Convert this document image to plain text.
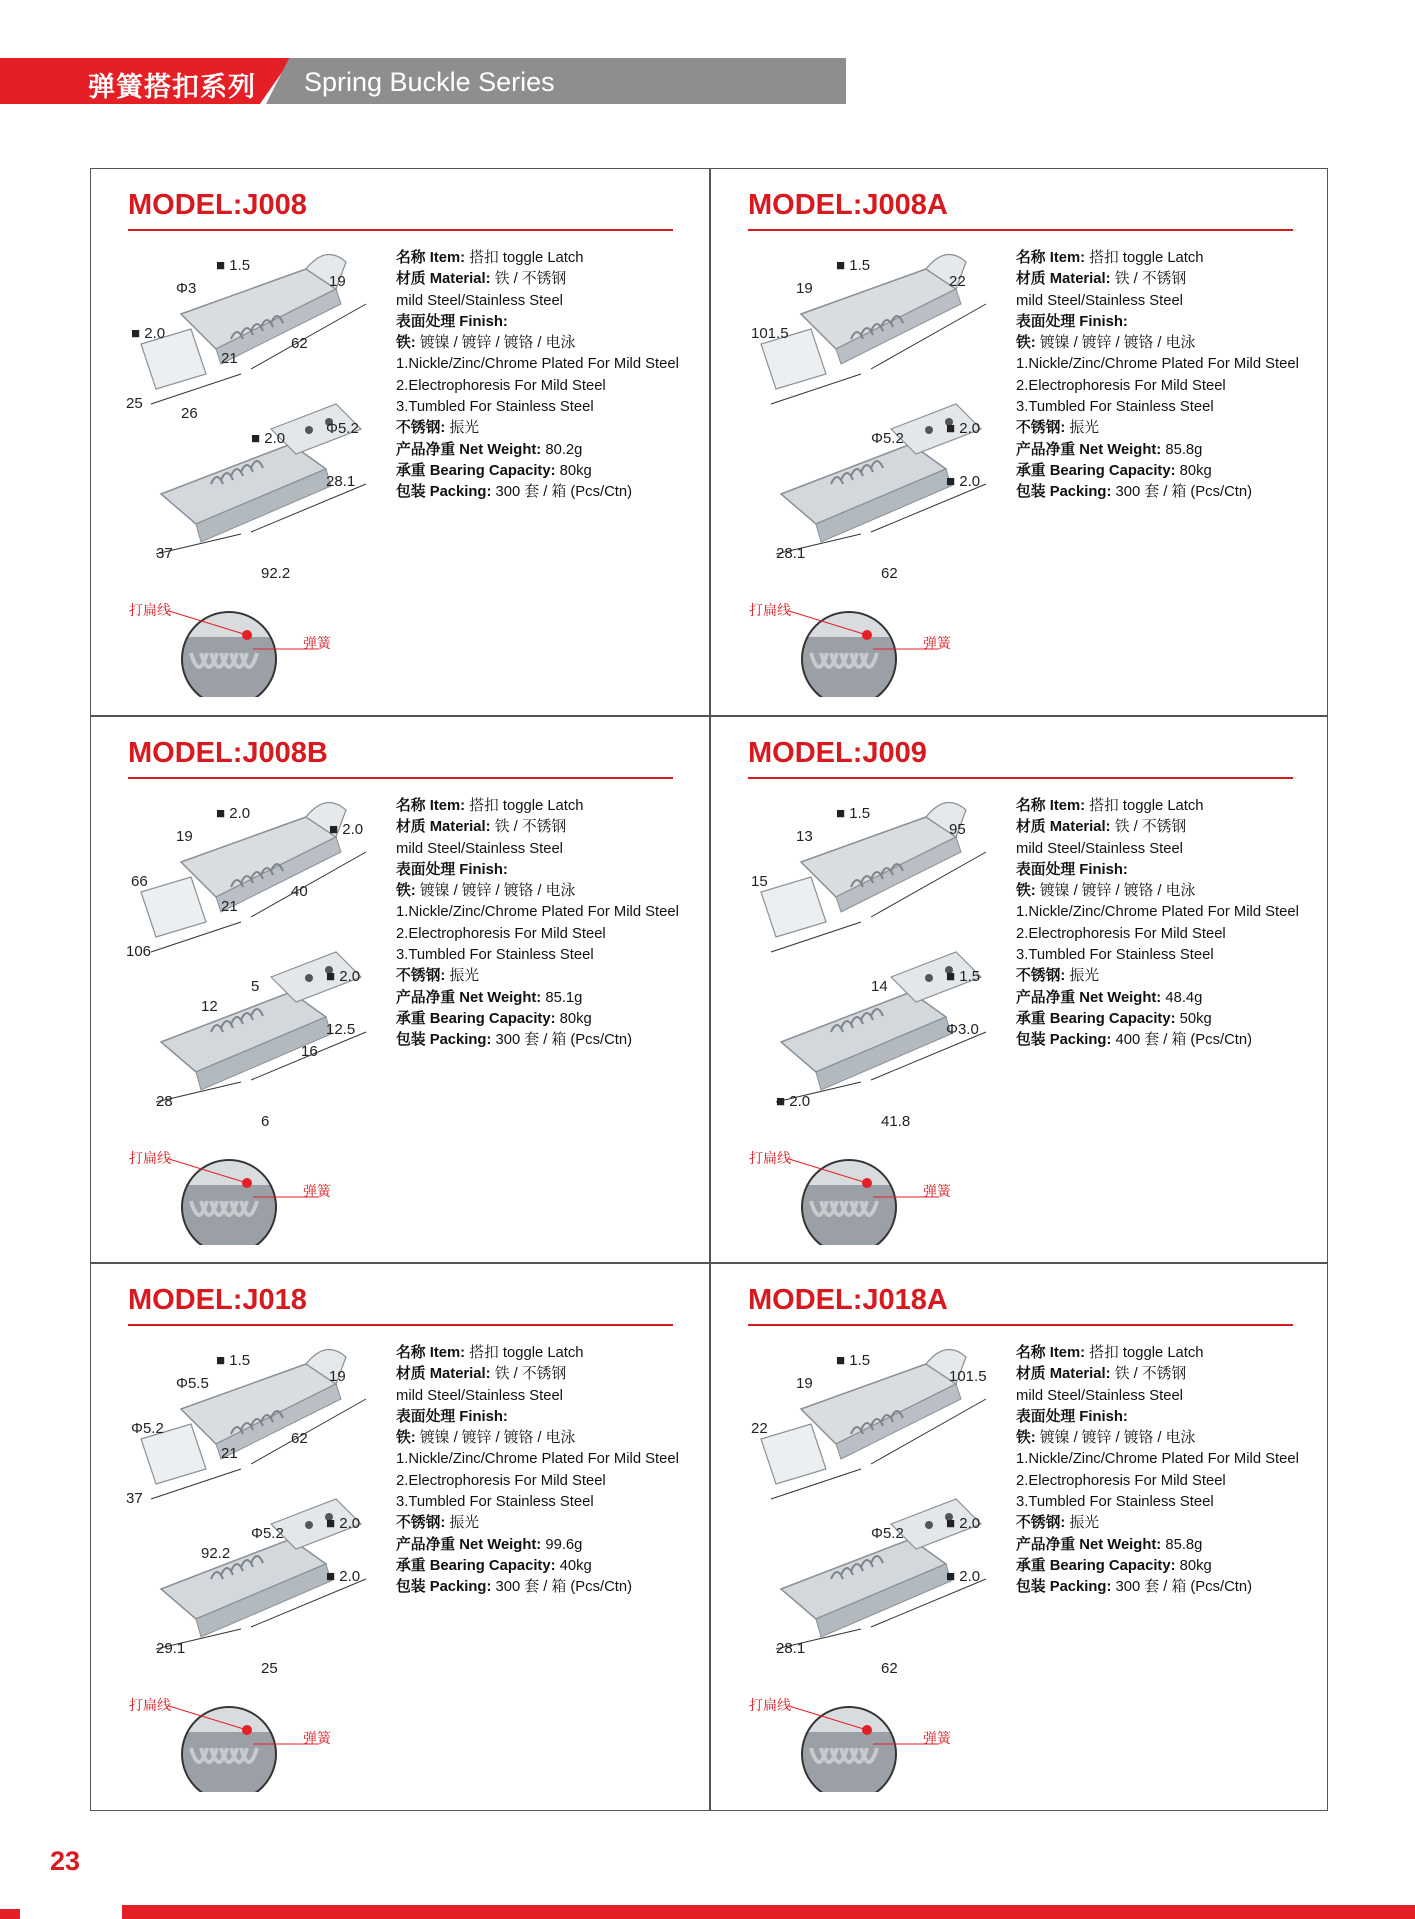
弹簧搭扣系列 Spring Buckle Series
MODEL:J008
■ 1.5
Φ3	19
■ 2.0
21
62
25
26
Φ5.2
■ 2.0
28.1
37
92.2
名称 Item: 搭扣 toggle Latch
材质 Material: 铁 / 不锈钢
mild Steel/Stainless Steel
表面处理 Finish:
铁: 镀镍 / 镀锌 / 镀铬 / 电泳
1.Nickle/Zinc/Chrome Plated For Mild Steel
2.Electrophoresis For Mild Steel
3.Tumbled For Stainless Steel
不锈钢: 振光
产品净重 Net Weight: 80.2g
承重 Bearing Capacity: 80kg
包装 Packing: 300 套 / 箱 (Pcs/Ctn)
打扁线
弹簧
MODEL:J008A
■ 1.5
19	22
101.5
■ 2.0
Φ5.2
■ 2.0
28.1
62
名称 Item: 搭扣 toggle Latch
材质 Material: 铁 / 不锈钢
mild Steel/Stainless Steel
表面处理 Finish:
铁: 镀镍 / 镀锌 / 镀铬 / 电泳
1.Nickle/Zinc/Chrome Plated For Mild Steel
2.Electrophoresis For Mild Steel
3.Tumbled For Stainless Steel
不锈钢: 振光
产品净重 Net Weight: 85.8g
承重 Bearing Capacity: 80kg
包装 Packing: 300 套 / 箱 (Pcs/Ctn)
打扁线
弹簧
MODEL:J008B
■ 2.0
19	■ 2.0
66
21
40
106
■ 2.0
5
12.5
28
6
12
16
名称 Item: 搭扣 toggle Latch
材质 Material: 铁 / 不锈钢
mild Steel/Stainless Steel
表面处理 Finish:
铁: 镀镍 / 镀锌 / 镀铬 / 电泳
1.Nickle/Zinc/Chrome Plated For Mild Steel
2.Electrophoresis For Mild Steel
3.Tumbled For Stainless Steel
不锈钢: 振光
产品净重 Net Weight: 85.1g
承重 Bearing Capacity: 80kg
包装 Packing: 300 套 / 箱 (Pcs/Ctn)
打扁线
弹簧
MODEL:J009
■ 1.5
13	95
15
■ 1.5
14
Φ3.0
■ 2.0
41.8
名称 Item: 搭扣 toggle Latch
材质 Material: 铁 / 不锈钢
mild Steel/Stainless Steel
表面处理 Finish:
铁: 镀镍 / 镀锌 / 镀铬 / 电泳
1.Nickle/Zinc/Chrome Plated For Mild Steel
2.Electrophoresis For Mild Steel
3.Tumbled For Stainless Steel
不锈钢: 振光
产品净重 Net Weight: 48.4g
承重 Bearing Capacity: 50kg
包装 Packing: 400 套 / 箱 (Pcs/Ctn)
打扁线
弹簧
MODEL:J018
■ 1.5
Φ5.5	19
Φ5.2
21
62
37
■ 2.0
Φ5.2
■ 2.0
29.1
25
92.2
名称 Item: 搭扣 toggle Latch
材质 Material: 铁 / 不锈钢
mild Steel/Stainless Steel
表面处理 Finish:
铁: 镀镍 / 镀锌 / 镀铬 / 电泳
1.Nickle/Zinc/Chrome Plated For Mild Steel
2.Electrophoresis For Mild Steel
3.Tumbled For Stainless Steel
不锈钢: 振光
产品净重 Net Weight: 99.6g
承重 Bearing Capacity: 40kg
包装 Packing: 300 套 / 箱 (Pcs/Ctn)
打扁线
弹簧
MODEL:J018A
■ 1.5
19	101.5
22
■ 2.0
Φ5.2
■ 2.0
28.1
62
名称 Item: 搭扣 toggle Latch
材质 Material: 铁 / 不锈钢
mild Steel/Stainless Steel
表面处理 Finish:
铁: 镀镍 / 镀锌 / 镀铬 / 电泳
1.Nickle/Zinc/Chrome Plated For Mild Steel
2.Electrophoresis For Mild Steel
3.Tumbled For Stainless Steel
不锈钢: 振光
产品净重 Net Weight: 85.8g
承重 Bearing Capacity: 80kg
包装 Packing: 300 套 / 箱 (Pcs/Ctn)
打扁线
弹簧
23
